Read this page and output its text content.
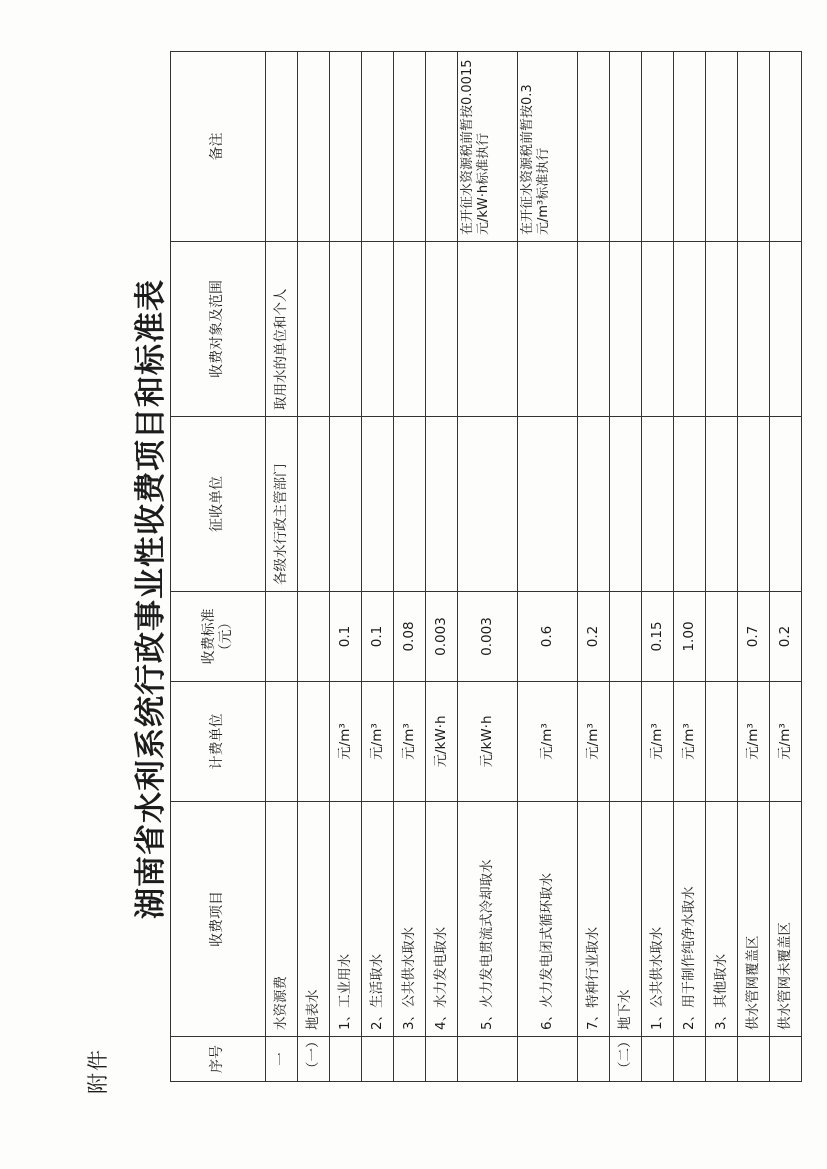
附件
湖南省水利系统行政事业性收费项目和标准表
序号	收费项目	计费单位	收费标准 （元）	征收单位	收费对象及范围	备注
一	水资源费			各级水行政主管部门	取用水的单位和个人	
（一）	地表水					
	1、工业用水	元/m³	0.1			
	2、生活取水	元/m³	0.1			
	3、公共供水取水	元/m³	0.08			
	4、水力发电取水	元/kW·h	0.003			
	5、火力发电贯流式冷却取水	元/kW·h	0.003			在开征水资源税前暂按0.0015元/kW·h标准执行
	6、火力发电闭式循环取水	元/m³	0.6			在开征水资源税前暂按0.3元/m³标准执行
	7、特种行业取水	元/m³	0.2			
（二）	地下水					
	1、公共供水取水	元/m³	0.15			
	2、用于制作纯净水取水	元/m³	1.00			
	3、其他取水					
	供水管网覆盖区	元/m³	0.7			
	供水管网未覆盖区	元/m³	0.2			
